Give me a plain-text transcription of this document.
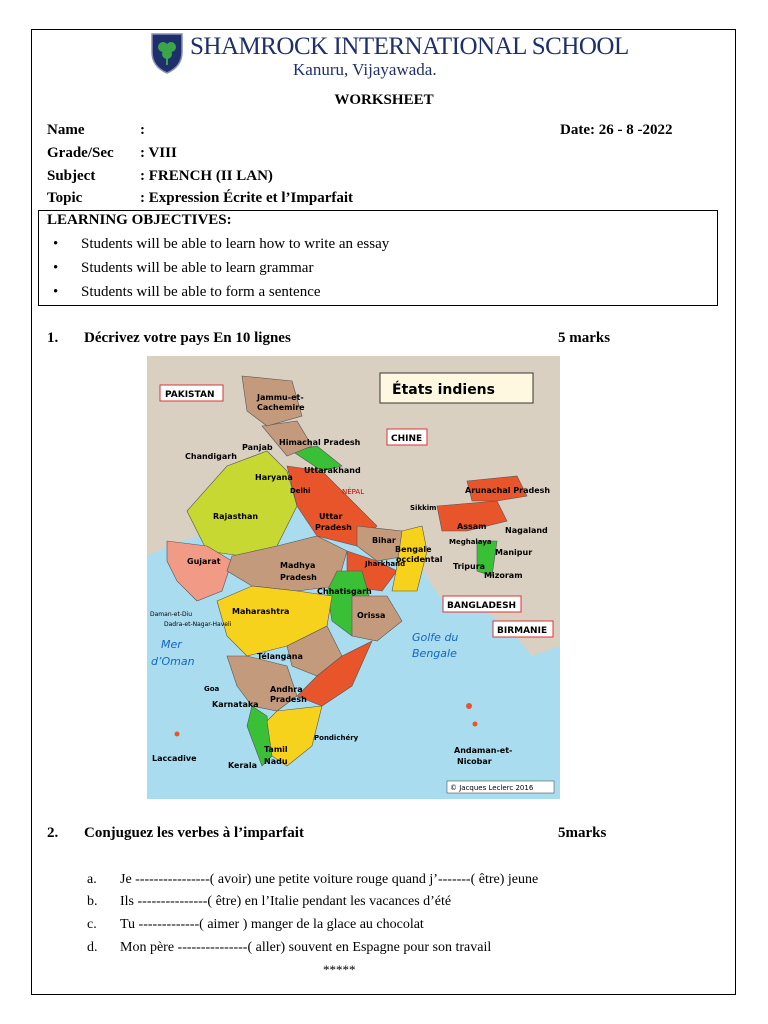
SHAMROCK INTERNATIONAL SCHOOL
Kanuru, Vijayawada.
WORKSHEET
Name	:	Date: 26 - 8 -2022
Grade/Sec : VIII
Subject	: FRENCH (II LAN)
Topic	: Expression Écrite et l’Imparfait
LEARNING OBJECTIVES:
• Students will be able to learn how to write an essay
• Students will be able to learn grammar
• Students will be able to form a sentence
1. Décrivez votre pays En 10 lignes	5 marks
États indiens
PAKISTAN
CHINE
BANGLADESH
BIRMANIE
NÉPAL
Mer
d’Oman
Golfe du
Bengale
Jammu-et-
Cachemire
Himachal Pradesh
Panjab
Chandigarh
Haryana
Delhi
Uttarakhand
Rajasthan	Uttar
Pradesh
Sikkim
Arunachal Pradesh
Assam Nagaland
Meghalaya
Manipur
Bihar
Tripura
Mizoram
Gujarat	Madhya
Pradesh
Jharkhand
Bengale
occidental
Chhatisgarh
Daman-et-Diu
Dadra-et-Nagar-Haveli
Maharashtra	Orissa
Télangana
Goa
Karnataka
Andhra
Pradesh
Pondichéry
Laccadive
Tamil
Nadu
Kerala
Andaman-et-
Nicobar
© Jacques Leclerc 2016
2. Conjuguez les verbes à l’imparfait	5marks
a. Je ----------------( avoir) une petite voiture rouge quand j’-------( être) jeune
b. Ils ---------------( être) en l’Italie pendant les vacances d’été
c. Tu -------------( aimer ) manger de la glace au chocolat
d. Mon père ---------------( aller) souvent en Espagne pour son travail
*****
